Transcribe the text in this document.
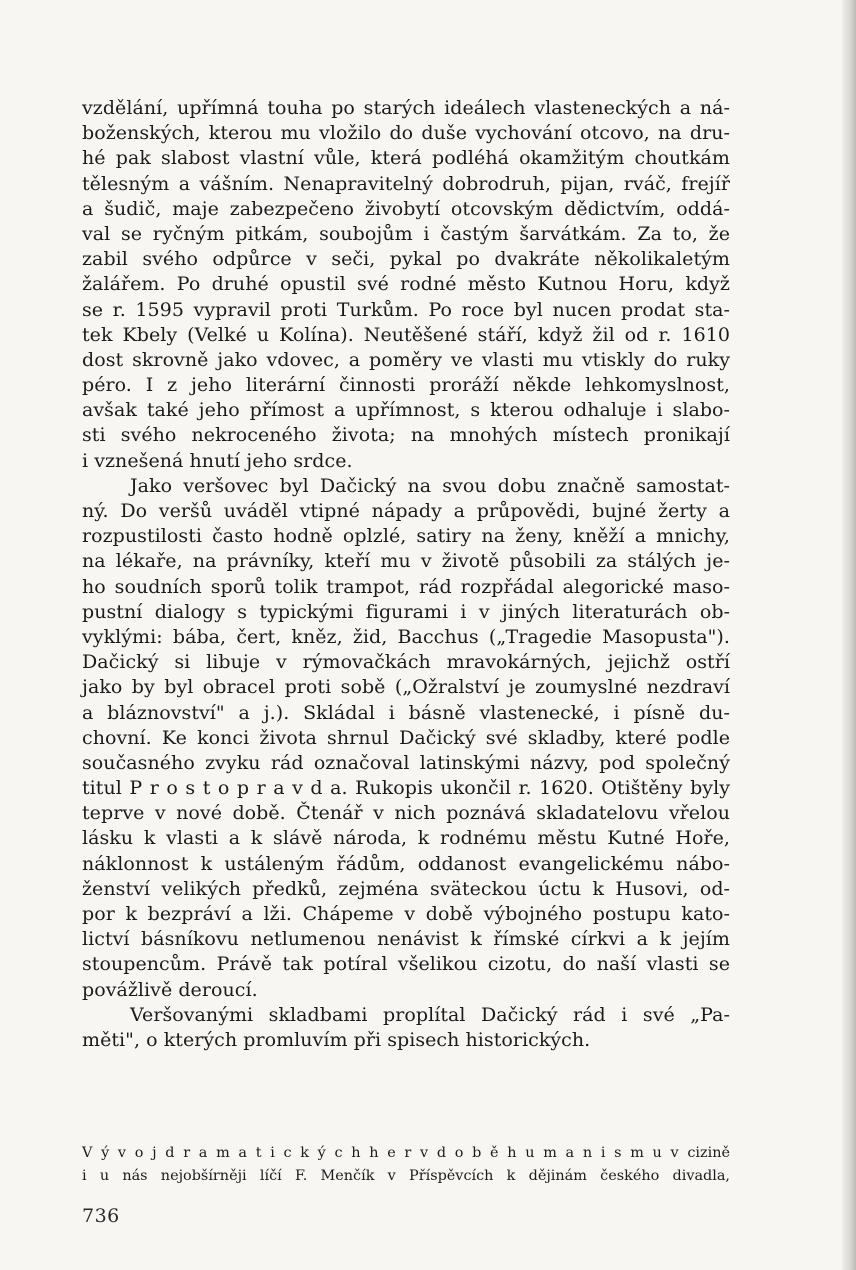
vzdělání, upřímná touha po starých ideálech vlasteneckých a ná-
boženských, kterou mu vložilo do duše vychování otcovo, na dru-
hé pak slabost vlastní vůle, která podléhá okamžitým choutkám
tělesným a vášním. Nenapravitelný dobrodruh, pijan, rváč, frejíř
a šudič, maje zabezpečeno živobytí otcovským dědictvím, oddá-
val se ryčným pitkám, soubojům i častým šarvátkám. Za to, že
zabil svého odpůrce v seči, pykal po dvakráte několikaletým
žalářem. Po druhé opustil své rodné město Kutnou Horu, když
se r. 1595 vypravil proti Turkům. Po roce byl nucen prodat sta-
tek Kbely (Velké u Kolína). Neutěšené stáří, když žil od r. 1610
dost skrovně jako vdovec, a poměry ve vlasti mu vtiskly do ruky
péro. I z jeho literární činnosti proráží někde lehkomyslnost,
avšak také jeho přímost a upřímnost, s kterou odhaluje i slabo-
sti svého nekroceného života; na mnohých místech pronikají
i vznešená hnutí jeho srdce.
Jako veršovec byl Dačický na svou dobu značně samostat-
ný. Do veršů uváděl vtipné nápady a průpovědi, bujné žerty a
rozpustilosti často hodně oplzlé, satiry na ženy, kněží a mnichy,
na lékaře, na právníky, kteří mu v životě působili za stálých je-
ho soudních sporů tolik trampot, rád rozpřádal alegorické maso-
pustní dialogy s typickými figurami i v jiných literaturách ob-
vyklými: bába, čert, kněz, žid, Bacchus („Tragedie Masopusta").
Dačický si libuje v rýmovačkách mravokárných, jejichž ostří
jako by byl obracel proti sobě („Ožralství je zoumyslné nezdraví
a bláznovství" a j.). Skládal i básně vlastenecké, i písně du-
chovní. Ke konci života shrnul Dačický své skladby, které podle
současného zvyku rád označoval latinskými názvy, pod společný
titul P r o s t o p r a v d a. Rukopis ukončil r. 1620. Otištěny byly
teprve v nové době. Čtenář v nich poznává skladatelovu vřelou
lásku k vlasti a k slávě národa, k rodnému městu Kutné Hoře,
náklonnost k ustáleným řádům, oddanost evangelickému nábo-
ženství velikých předků, zejména sväteckou úctu k Husovi, od-
por k bezpráví a lži. Chápeme v době výbojného postupu kato-
lictví básníkovu netlumenou nenávist k římské církvi a k jejím
stoupencům. Právě tak potíral všelikou cizotu, do naší vlasti se
povážlivě deroucí.
Veršovanými skladbami proplítal Dačický rád i své „Pa-
měti", o kterých promluvím při spisech historických.
V ý v o j d r a m a t i c k ý c h h e r v d o b ě h u m a n i s m u v cizině
i u nás nejobšírněji líčí F. Menčík v Příspěvcích k dějinám českého divadla,
736
